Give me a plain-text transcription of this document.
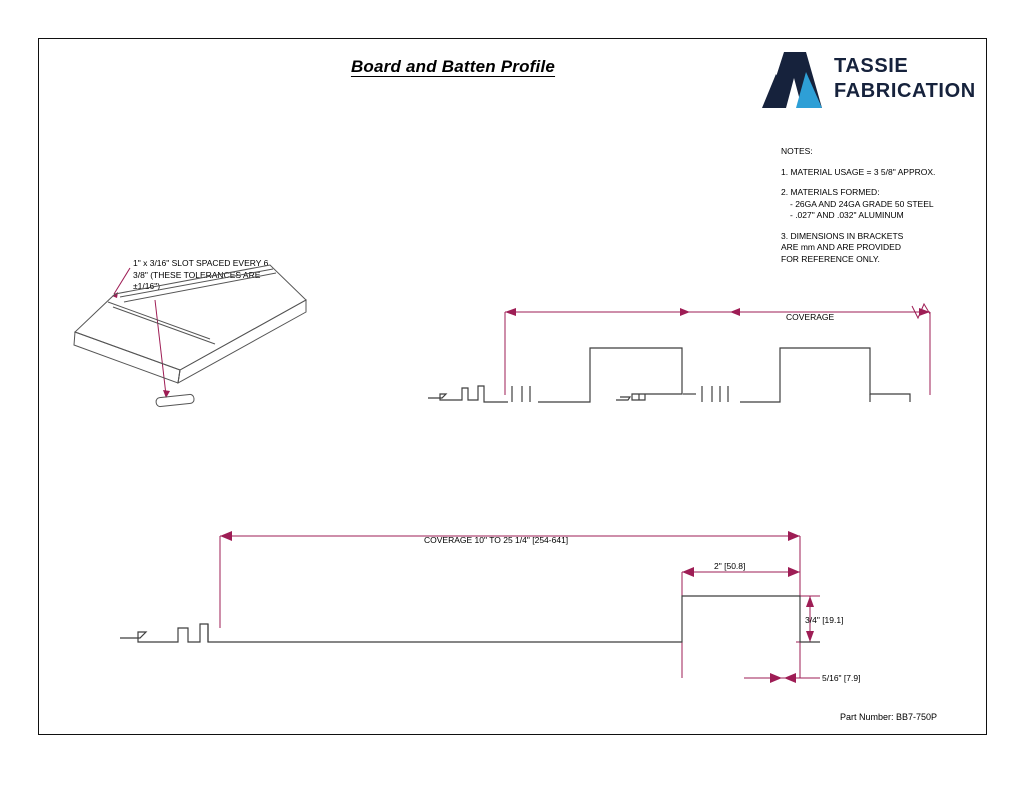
Board and Batten Profile	TASSIE
FABRICATION
NOTES:
1. MATERIAL USAGE = 3 5/8" APPROX.
2. MATERIALS FORMED:
- 26GA AND 24GA GRADE 50 STEEL
- .027" AND .032" ALUMINUM
3. DIMENSIONS IN BRACKETS
ARE mm AND ARE PROVIDED
FOR REFERENCE ONLY.
1" x 3/16" SLOT SPACED EVERY 6
3/8" (THESE TOLERANCES ARE
±1/16")
COVERAGE
COVERAGE 10" TO 25 1/4" [254-641]
2" [50.8]
3/4" [19.1]
5/16" [7.9]
Part Number: BB7-750P
